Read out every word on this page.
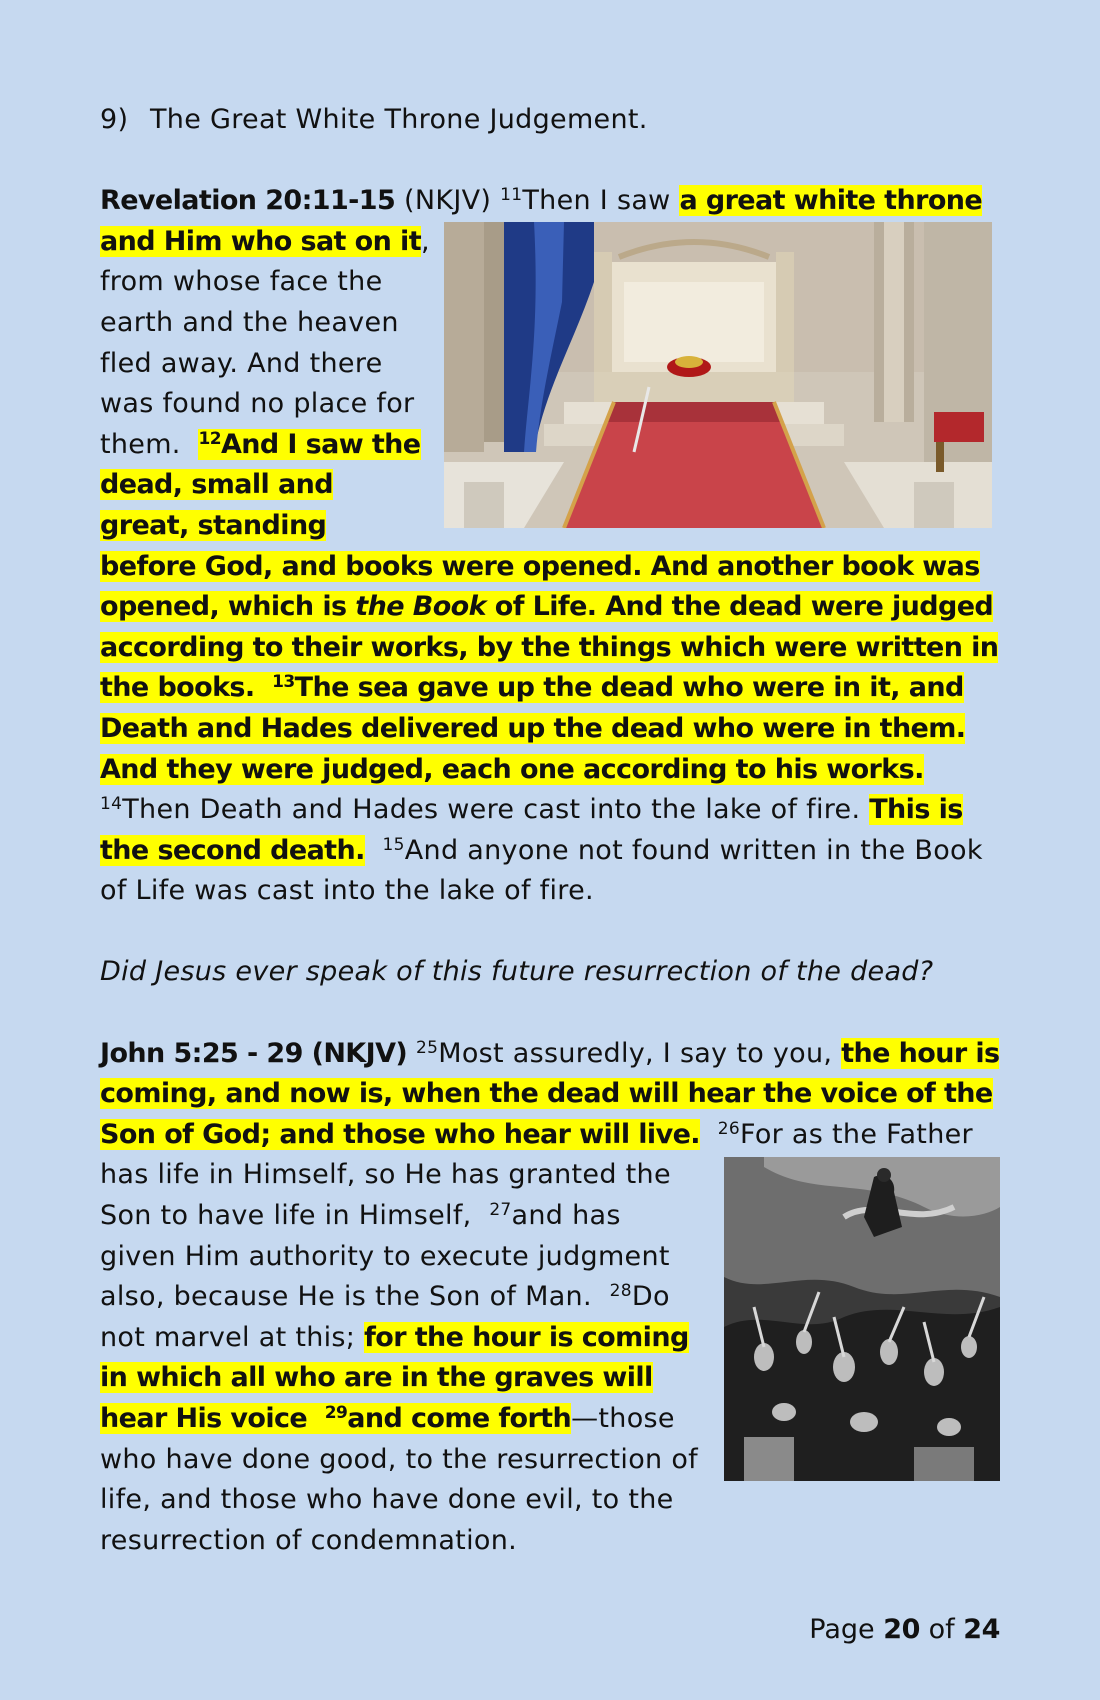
9) The Great White Throne Judgement.

Revelation 20:11-15 (NKJV) $^{11}$Then I saw a great white throne and Him who sat on it
, from whose face the earth and the heaven fled away. And there was found no place for them. $^{12}$And I saw the dead, small and great, standing before God, and books were opened. And another book was opened, which is the Book of Life. And the dead were judged according to their works, by the things which were written in the books. $^{13}$The sea gave up the dead who were in it, and Death and Hades delivered up the dead who were in them. And they were judged, each one according to his works.  $^{14}$Then Death and Hades were cast into the lake of fire. This is the second death. $^{15}$And anyone not found written in the Book of Life was cast into the lake of fire.

Did Jesus ever speak of this future resurrection of the dead?

John 5:25 - 29 (NKJV) $^{25}$Most assuredly, I say to you, the hour is coming, and now is, when the dead will hear the voice of the Son of God; and those who hear will live. $^{26}$
For as the Father has life in Himself, so He has granted the Son to have life in Himself, $^{27}$and has given Him authority to execute judgment also, because He is the Son of Man. $^{28}$Do not marvel at this; for the hour is coming in which all who are in the graves will hear His voice $^{29}$and come forth—those who have done good, to the resurrection of life, and those who have done evil, to the resurrection of condemnation.

Page 20 of 24
